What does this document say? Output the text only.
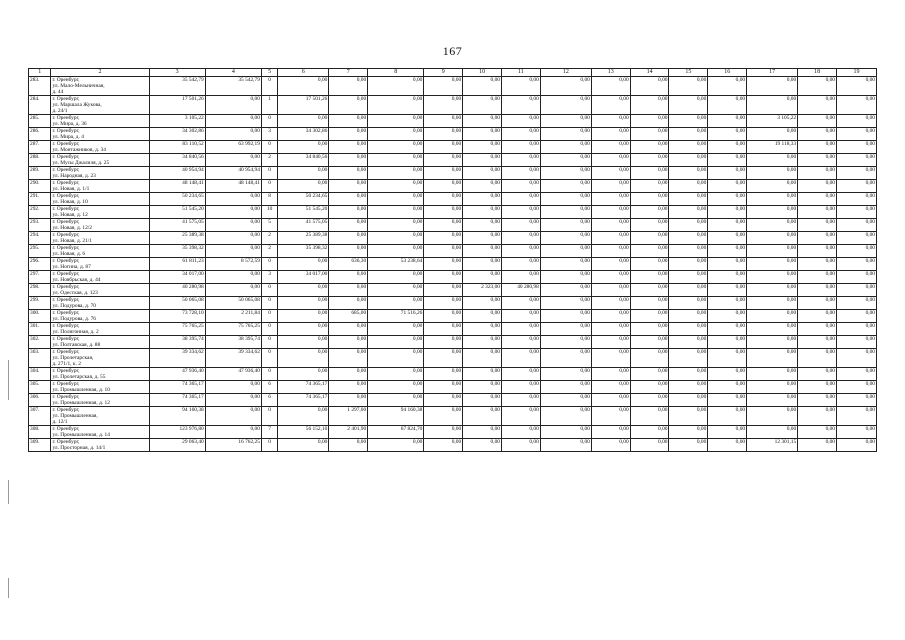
167
1	2	3	4	5	6	7	8	9	10	11	12	13	14	15	16	17	18	19
283.	г. Оренбург,
ул. Мало-Мельничная,
д. 44	35 542,79	35 542,79	0	0,00	0,00	0,00	0,00	0,00	0,00	0,00	0,00	0,00	0,00	0,00	0,00	0,00	0,00
284.	г. Оренбург,
ул. Маршала Жукова,
д. 24/1	17 501,26	0,00	1	17 501,26	0,00	0,00	0,00	0,00	0,00	0,00	0,00	0,00	0,00	0,00	0,00	0,00	0,00
285.	г. Оренбург,
ул. Мира, д. 36	3 105,22	0,00	0	0,00	0,00	0,00	0,00	0,00	0,00	0,00	0,00	0,00	0,00	0,00	3 105,22	0,00	0,00
286.	г. Оренбург,
ул. Мира, д. 4	34 302,86	0,00	3	34 302,86	0,00	0,00	0,00	0,00	0,00	0,00	0,00	0,00	0,00	0,00	0,00	0,00	0,00
287.	г. Оренбург,
ул. Монтажников, д. 34	83 110,52	63 992,19	0	0,00	0,00	0,00	0,00	0,00	0,00	0,00	0,00	0,00	0,00	0,00	19 118,33	0,00	0,00
288.	г. Оренбург,
ул. Мусы Джалиля, д. 25	34 840,56	0,00	2	34 840,56	0,00	0,00	0,00	0,00	0,00	0,00	0,00	0,00	0,00	0,00	0,00	0,00	0,00
289.	г. Оренбург,
ул. Народная, д. 23	40 954,94	40 954,94	0	0,00	0,00	0,00	0,00	0,00	0,00	0,00	0,00	0,00	0,00	0,00	0,00	0,00	0,00
290.	г. Оренбург,
ул. Новая, д. 1/1	48 148,41	48 148,41	0	0,00	0,00	0,00	0,00	0,00	0,00	0,00	0,00	0,00	0,00	0,00	0,00	0,00	0,00
291.	г. Оренбург,
ул. Новая, д. 10	50 234,65	0,00	8	50 234,65	0,00	0,00	0,00	0,00	0,00	0,00	0,00	0,00	0,00	0,00	0,00	0,00	0,00
292.	г. Оренбург,
ул. Новая, д. 12	51 545,20	0,00	10	51 545,20	0,00	0,00	0,00	0,00	0,00	0,00	0,00	0,00	0,00	0,00	0,00	0,00	0,00
293.	г. Оренбург,
ул. Новая, д. 12/2	41 575,05	0,00	5	41 575,05	0,00	0,00	0,00	0,00	0,00	0,00	0,00	0,00	0,00	0,00	0,00	0,00	0,00
294.	г. Оренбург,
ул. Новая, д. 21/1	25 389,38	0,00	2	25 389,38	0,00	0,00	0,00	0,00	0,00	0,00	0,00	0,00	0,00	0,00	0,00	0,00	0,00
295.	г. Оренбург,
ул. Новая, д. 6	35 398,32	0,00	2	35 398,32	0,00	0,00	0,00	0,00	0,00	0,00	0,00	0,00	0,00	0,00	0,00	0,00	0,00
296.	г. Оренбург,
ул. Ногина, д. 87	61 811,23	8 572,59	0	0,00	636,30	53 238,64	0,00	0,00	0,00	0,00	0,00	0,00	0,00	0,00	0,00	0,00	0,00
297.	г. Оренбург,
ул. Ноябрьская, д. 44	34 017,00	0,00	3	34 017,00	0,00	0,00	0,00	0,00	0,00	0,00	0,00	0,00	0,00	0,00	0,00	0,00	0,00
298.	г. Оренбург,
ул. Одесская, д. 123	40 280,98	0,00	0	0,00	0,00	0,00	0,00	2 323,00	40 280,98	0,00	0,00	0,00	0,00	0,00	0,00	0,00	0,00
299.	г. Оренбург,
ул. Подурова, д. 70	50 065,08	50 065,08	0	0,00	0,00	0,00	0,00	0,00	0,00	0,00	0,00	0,00	0,00	0,00	0,00	0,00	0,00
300.	г. Оренбург,
ул. Подурова, д. 76	73 728,10	2 211,84	0	0,00	685,00	71 516,26	0,00	0,00	0,00	0,00	0,00	0,00	0,00	0,00	0,00	0,00	0,00
301.	г. Оренбург,
ул. Полигонная, д. 2	75 765,25	75 765,25	0	0,00	0,00	0,00	0,00	0,00	0,00	0,00	0,00	0,00	0,00	0,00	0,00	0,00	0,00
302.	г. Оренбург,
ул. Полтавская, д. 88	38 395,74	38 395,74	0	0,00	0,00	0,00	0,00	0,00	0,00	0,00	0,00	0,00	0,00	0,00	0,00	0,00	0,00
303.	г. Оренбург,
ул. Пролетарская,
д. 271/1, к. 2	39 334,62	39 334,62	0	0,00	0,00	0,00	0,00	0,00	0,00	0,00	0,00	0,00	0,00	0,00	0,00	0,00	0,00
304.	г. Оренбург,
ул. Пролетарская, д. 55	47 936,40	47 936,40	0	0,00	0,00	0,00	0,00	0,00	0,00	0,00	0,00	0,00	0,00	0,00	0,00	0,00	0,00
305.	г. Оренбург,
ул. Промышленная, д. 10	74 365,17	0,00	6	74 365,17	0,00	0,00	0,00	0,00	0,00	0,00	0,00	0,00	0,00	0,00	0,00	0,00	0,00
306.	г. Оренбург,
ул. Промышленная, д. 12	74 365,17	0,00	6	74 365,17	0,00	0,00	0,00	0,00	0,00	0,00	0,00	0,00	0,00	0,00	0,00	0,00	0,00
307.	г. Оренбург,
ул. Промышленная,
д. 12/1	94 160,38	0,00	0	0,00	1 297,00	94 160,38	0,00	0,00	0,00	0,00	0,00	0,00	0,00	0,00	0,00	0,00	0,00
308.	г. Оренбург,
ул. Промышленная, д. 14	123 976,80	0,00	7	56 152,10	2 401,90	67 824,70	0,00	0,00	0,00	0,00	0,00	0,00	0,00	0,00	0,00	0,00	0,00
309.	г. Оренбург,
ул. Просторная, д. 14/1	29 063,40	16 762,25	0	0,00	0,00	0,00	0,00	0,00	0,00	0,00	0,00	0,00	0,00	0,00	12 301,15	0,00	0,00
